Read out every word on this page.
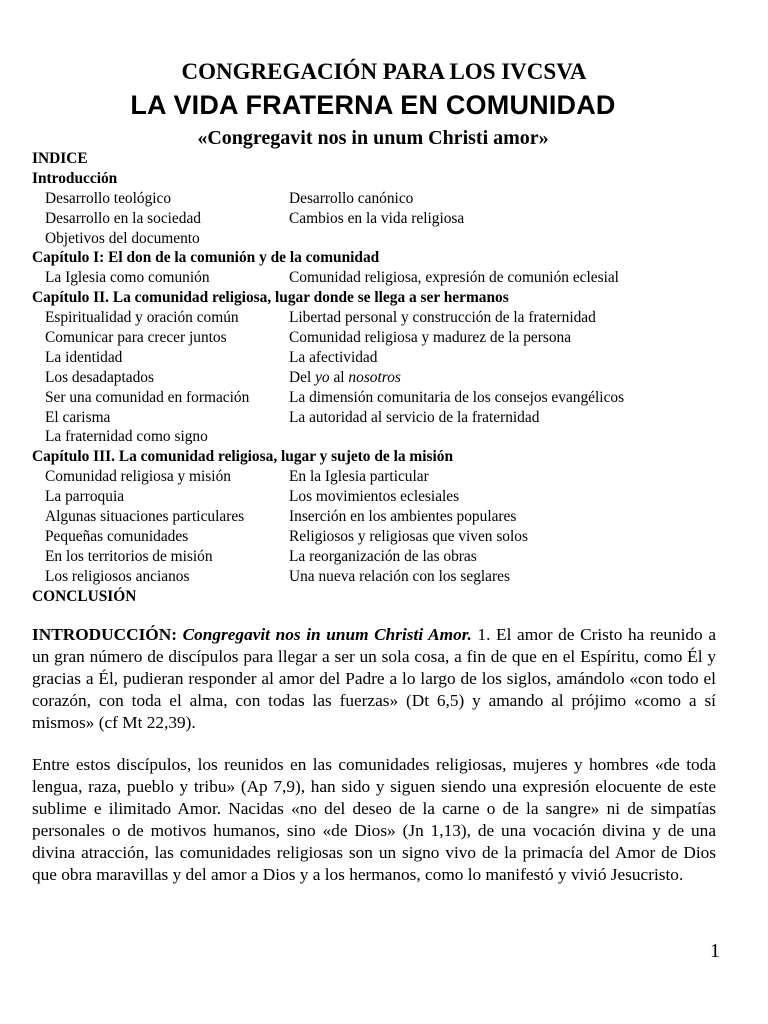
CONGREGACIÓN PARA LOS IVCSVA
LA VIDA FRATERNA EN COMUNIDAD
«Congregavit nos in unum Christi amor»
INDICE
Introducción
Desarrollo teológico	Desarrollo canónico
Desarrollo en la sociedad	Cambios en la vida religiosa
Objetivos del documento
Capítulo I: El don de la comunión y de la comunidad
La Iglesia como comunión	Comunidad religiosa, expresión de comunión eclesial
Capítulo II. La comunidad religiosa, lugar donde se llega a ser hermanos
Espiritualidad y oración común	Libertad personal y construcción de la fraternidad
Comunicar para crecer juntos	Comunidad religiosa y madurez de la persona
La identidad	La afectividad
Los desadaptados	Del yo al nosotros
Ser una comunidad en formación	La dimensión comunitaria de los consejos evangélicos
El carisma	La autoridad al servicio de la fraternidad
La fraternidad como signo
Capítulo III. La comunidad religiosa, lugar y sujeto de la misión
Comunidad religiosa y misión	En la Iglesia particular
La parroquia	Los movimientos eclesiales
Algunas situaciones particulares	Inserción en los ambientes populares
Pequeñas comunidades	Religiosos y religiosas que viven solos
En los territorios de misión	La reorganización de las obras
Los religiosos ancianos	Una nueva relación con los seglares
CONCLUSIÓN

INTRODUCCIÓN: Congregavit nos in unum Christi Amor. 1. El amor de Cristo ha reunido a un gran número de discípulos para llegar a ser un sola cosa, a fin de que en el Espíritu, como Él y gracias a Él, pudieran responder al amor del Padre a lo largo de los siglos, amándolo «con todo el corazón, con toda el alma, con todas las fuerzas» (Dt 6,5) y amando al prójimo «como a sí mismos» (cf Mt 22,39).

Entre estos discípulos, los reunidos en las comunidades religiosas, mujeres y hombres «de toda lengua, raza, pueblo y tribu» (Ap 7,9), han sido y siguen siendo una expresión elocuente de este sublime e ilimitado Amor. Nacidas «no del deseo de la carne o de la sangre» ni de simpatías personales o de motivos humanos, sino «de Dios» (Jn 1,13), de una vocación divina y de una divina atracción, las comunidades religiosas son un signo vivo de la primacía del Amor de Dios que obra maravillas y del amor a Dios y a los hermanos, como lo manifestó y vivió Jesucristo.

1
